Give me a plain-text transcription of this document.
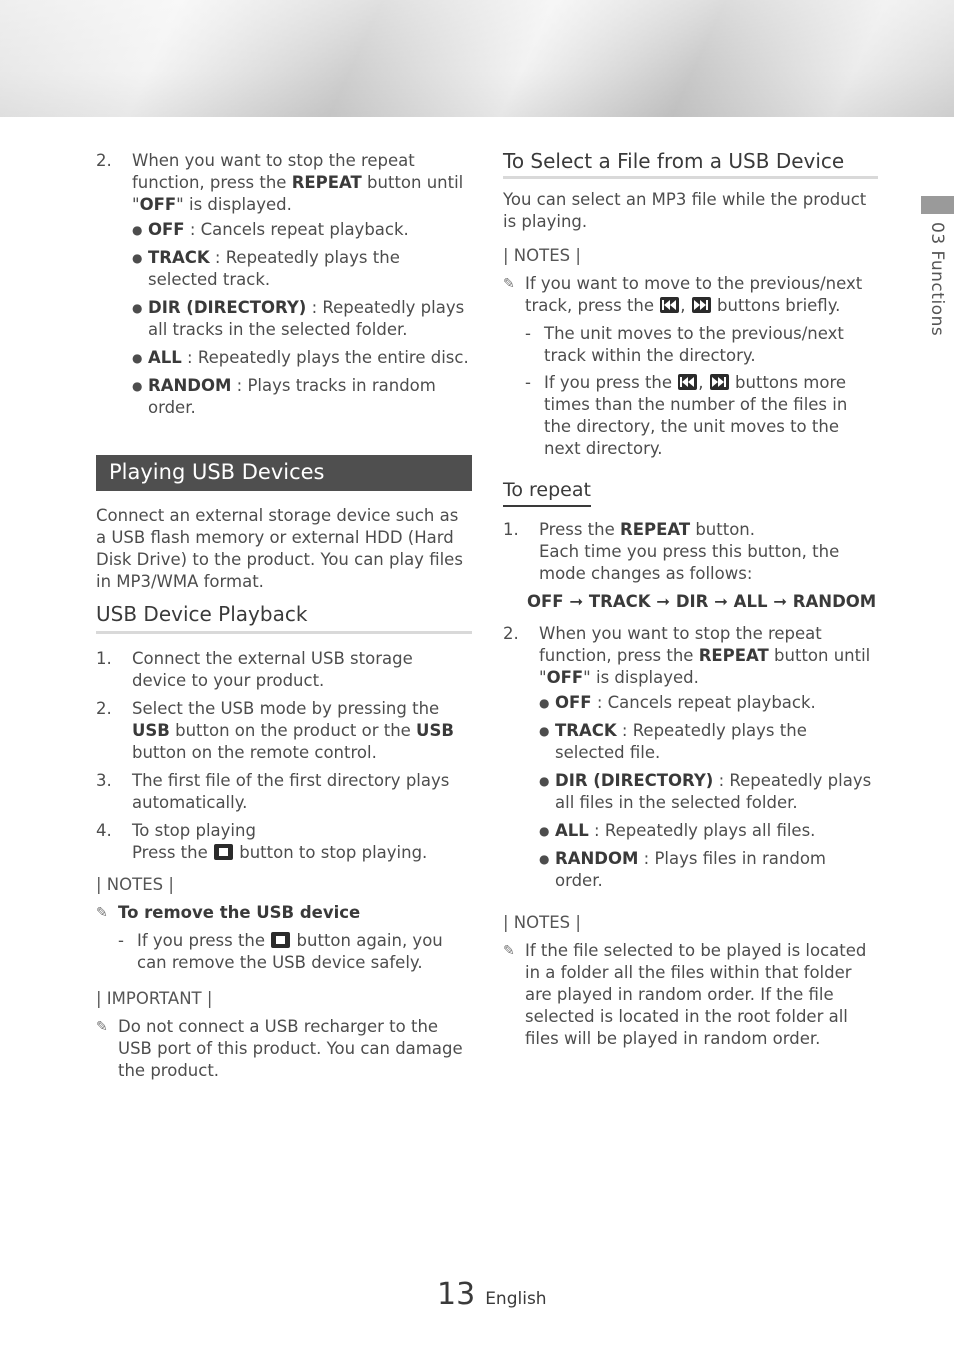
2.	When you want to stop the repeat function, press the REPEAT button until "OFF" is displayed.
● OFF : Cancels repeat playback.
● TRACK : Repeatedly plays the selected track.
● DIR (DIRECTORY) : Repeatedly plays all tracks in the selected folder.
● ALL : Repeatedly plays the entire disc.
● RANDOM : Plays tracks in random order.
Playing USB Devices
Connect an external storage device such as a USB flash memory or external HDD (Hard Disk Drive) to the product. You can play files in MP3/WMA format.
USB Device Playback
1.	Connect the external USB storage device to your product.
2.	Select the USB mode by pressing the USB button on the product or the USB button on the remote control.
3.	The first file of the first directory plays automatically.
4.	To stop playing
Press the  button to stop playing.
| NOTES |
✎ To remove the USB device
- If you press the  button again, you can remove the USB device safely.
| IMPORTANT |
✎ Do not connect a USB recharger to the USB port of this product. You can damage the product.
To Select a File from a USB Device
You can select an MP3 file while the product is playing.
| NOTES |
✎ If you want to move to the previous/next track, press the
,
buttons briefly.
- The unit moves to the previous/next track within the directory.
- If you press the
,
buttons more times than the number of the files in the directory, the unit moves to the next directory.
To repeat
1.	Press the REPEAT button.
Each time you press this button, the mode changes as follows:
OFF ➞ TRACK ➞ DIR ➞ ALL ➞ RANDOM
2.	When you want to stop the repeat function, press the REPEAT button until "OFF" is displayed.
● OFF : Cancels repeat playback.
● TRACK : Repeatedly plays the selected file.
● DIR (DIRECTORY) : Repeatedly plays all files in the selected folder.
● ALL : Repeatedly plays all files.
● RANDOM : Plays files in random order.
| NOTES |
✎ If the file selected to be played is located in a folder all the files within that folder are played in random order. If the file selected is located in the root folder all files will be played in random order.
03 Functions
13 English
